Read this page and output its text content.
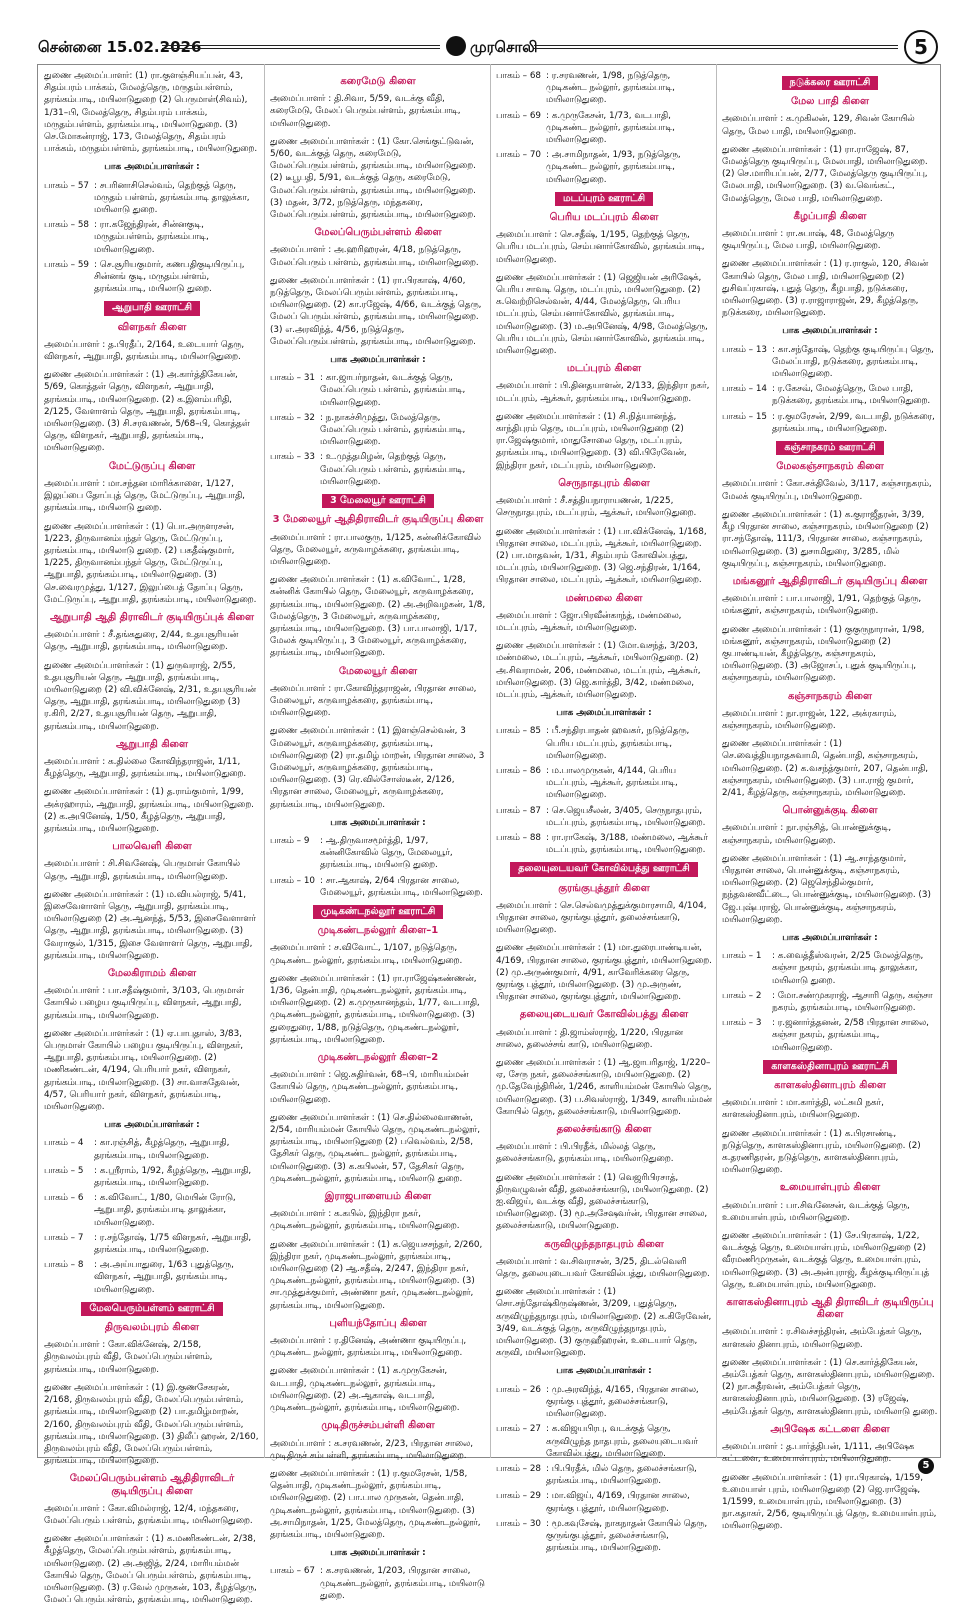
சென்னை 15.02.2026	முரசொலி	5
துணை அமைப்பாளர்: (1) ரா.குளஞ்சியப்பன், 43, சிதம்பரம் பாக்கம், மேலத்தெரு, மருதம்பள்ளம், தரங்கம்பாடி, மயிலாடுதுறை (2) பெருமாள்(சிவம்), 1/31–பி, மேலத்தெரு, சிதம்பரம் பாக்கம், மருதம்பள்ளம், தரங்கம்பாடி, மயிலாடுதுறை. (3) செ.மோகன்ராஜ், 173, மேலத்தெரு, சிதம்பரம் பாக்கம், மருதம்பள்ளம், தரங்கம்பாடி, மயிலாடுதுறை.
பாக அமைப்பாளர்கள் :
பாகம் – 57 : சபரினாசிசெல்வம், தெற்குத் தெரு, மருதம் பள்ளம், தரங்கம்பாடி தாலுக்கா, மயிலாடு துறை.
பாகம் – 58 : ரா.கஜேந்திரன், சின்னகுடி, மருதம்பள்ளம், தரங்கம்பாடி, மயிலாடுதுறை.
பாகம் – 59 : செ.சூரியகுமார், கணபதிகுடியிருப்பு, சின்னங் குடி, மருதம்பள்ளம், தரங்கம்பாடி, மயிலாடு துறை.
ஆறுபாதி ஊராட்சி
விளநகர் கிளை
அமைப்பாளர் : த.பிரதீப், 2/164, உடையார் தெரு, விளநகர், ஆறுபாதி, தரங்கம்பாடி, மயிலாடுதுறை.
துணை அமைப்பாளர்கள் : (1) அ.கார்த்திகேயன், 5/69, கொத்தள் தெரு, விளநகர், ஆறுபாதி, தரங்கம்பாடி, மயிலாடுதுறை. (2) க.இளம்பரிதி, 2/125, வேளாளம் தெரு, ஆறுபாதி, தரங்கம்பாடி, மயிலாடுதுறை. (3) சி.சரவணன், 5/68–பி, கொத்தள் தெரு, விளநகர், ஆறுபாதி, தரங்கம்பாடி, மயிலாடுதுறை.
மேட்டுருப்பு கிளை
அமைப்பாளர் : மா.சந்தன மாரிக்காளை, 1/127, இலுப்பை தோப்புத் தெரு, மேட்டுருப்பு, ஆறுபாதி, தரங்கம்பாடி, மயிலாடு துறை.
துணை அமைப்பாளர்கள் : (1) பொ.அருளரசன், 1/223, திருவானம்பந்தர் தெரு, மேட்டுருப்பு, தரங்கம்பாடி, மயிலாடு துறை. (2) பகதீஷ்குமார், 1/225, திருவானம்பந்தர் தெரு, மேட்டுருப்பு, ஆறுபாதி, தரங்கம்பாடி, மயிலாடுதுறை. (3) செ.வைரமுத்து, 1/127, இலுப்பைத் தோப்பு தெரு, மேட்டுருப்பு, ஆறுபாதி, தரங்கம்பாடி, மயிலாடுதுறை.
ஆறுபாதி ஆதி திராவிடர் குடியிருப்புக் கிளை
அமைப்பாளர் : சீ.தங்கதுரை, 2/44, உதயசூரியன் தெரு, ஆறுபாதி, தரங்கம்பாடி, மயிலாடுதுறை.
துணை அமைப்பாளர்கள் : (1) துருவராஜ், 2/55, உதயசூரியன் தெரு, ஆறுபாதி, தரங்கம்பாடி, மயிலாடுதுறை (2) வி.விக்னேஷ், 2/31, உதயசூரியன் தெரு, ஆறுபாதி, தரங்கம்பாடி, மயிலாடுதுறை (3) ர.கிரி, 2/27, உதயசூரியன் தெரு, ஆறுபாதி, தரங்கம்பாடி, மயிலாடுதுறை.
ஆறுபாதி கிளை
அமைப்பாளர் : க.தில்லை கோவிந்தராஜன், 1/11, கீழத்தெரு, ஆறுபாதி, தரங்கம்பாடி, மயிலாடுதுறை.
துணை அமைப்பாளர்கள் : (1) த.ராம்குமார், 1/99, அக்ரஹாரம், ஆறுபாதி, தரங்கம்பாடி, மயிலாடுதுறை. (2) க.அபினேஷ், 1/50, கீழத்தெரு, ஆறுபாதி, தரங்கம்பாடி, மயிலாடுதுறை.
பாலவெளி கிளை
அமைப்பாளர் : சி.சிவனேஷ், பெருமாள் கோயில் தெரு, ஆறுபாதி, தரங்கம்பாடி, மயிலாடுதுறை.
துணை அமைப்பாளர்கள் : (1) ம.வியல்ராஜ், 5/41, இசைவேளாளர் தெரு, ஆறுபாதி, தரங்கம்பாடி, மயிலாடுதுறை (2) அ.ஆனந்த், 5/53, இசைவேளாளர் தெரு, ஆறுபாதி, தரங்கம்பாடி, மயிலாடுதுறை. (3) வேராகுல், 1/315, இசை வேளாளர் தெரு, ஆறுபாதி, தரங்கம்பாடி, மயிலாடுதுறை.
மேலகிராமம் கிளை
அமைப்பாளர் : பா.சதீஷ்குமார், 3/103, பெருமாள் கோயில் பழைய குடியிருப்பு, விளநகர், ஆறுபாதி, தரங்கம்பாடி, மயிலாடுதுறை.
துணை அமைப்பாளர்கள் : (1) ஏ.பாபுதாஸ், 3/83, பெருமாள் கோயில் பழைய குடியிருப்பு, விளநகர், ஆறுபாதி, தரங்கம்பாடி, மயிலாடுதுறை. (2) மணிகண்டன், 4/194, பெரியார் நகர், விளநகர், தரங்கம்பாடி, மயிலாடுதுறை. (3) சா.வாசுதேவன், 4/57, பெரியார் நகர், விளநகர், தரங்கம்பாடி, மயிலாடுதுறை.
பாக அமைப்பாளர்கள் :
பாகம் – 4	: கா.ரஞ்சித், கீழத்தெரு, ஆறுபாதி, தரங்கம்பாடி, மயிலாடுதுறை.
பாகம் – 5	: க.ஸ்ரீராம், 1/92, கீழத்தெரு, ஆறுபாதி, தரங்கம்பாடி, மயிலாடுதுறை.
பாகம் – 6	: க.விவோட், 1/80, மெயின் ரோடு, ஆறுபாதி, தரங்கம்பாடி தாலுக்கா, மயிலாடுதுறை.
பாகம் – 7	: ர.சந்தோஷ், 1/75 விளநகர், ஆறுபாதி, தரங்கம்பாடி, மயிலாடுதுறை.
பாகம் – 8	: அ.அய்யாதுரை, 1/63 புதுத்தெரு, விளநகர், ஆறுபாதி, தரங்கம்பாடி, மயிலாடுதுறை.
மேலபெரும்பள்ளம் ஊராட்சி
திருவலம்புரம் கிளை
அமைப்பாளர் : கோ.விக்னேஷ், 2/158, திருவலம்புரம் வீதி, மேலப்பெரும்பள்ளம், தரங்கம்பாடி, மயிலாடுதுறை.
துணை அமைப்பாளர்கள் : (1) இ.குணசேகரன், 2/168, திருவலம்புரம் வீதி, மேலப்பெரும்பள்ளம், தரங்கம்பாடி, மயிலாடுதுறை (2) பா.தமிழ்மாறன், 2/160, திருவலம்புரம் வீதி, மேலப்பெரும்பள்ளம், தரங்கம்பாடி, மயிலாடுதுறை. (3) திலீப் ஹரன், 2/160, திருவலம்புரம் வீதி, மேலப்பெரும்பள்ளம், தரங்கம்பாடி, மயிலாடுதுறை.
மேலப்பெரும்பள்ளம் ஆதிதிராவிடர் குடியிருப்பு கிளை
அமைப்பாளர் : கோ.விமல்ராஜ், 12/4, மந்தகரை, மேலப்பெரும் பள்ளம், தரங்கம்பாடி, மயிலாடுதுறை.
துணை அமைப்பாளர்கள் : (1) க.மணிகண்டன், 2/38, கீழத்தெரு, மேலப்பெரும்பள்ளம், தரங்கம்பாடி, மயிலாடுதுறை. (2) அ.அஜித், 2/24, மாரியம்மன் கோயில் தெரு, மேலப் பெரும்பள்ளம், தரங்கம்பாடி, மயிலாடுதுறை. (3) ர.வேல் முருகன், 103, கீழத்தெரு, மேலப் பெரும்பள்ளம், தரங்கம்பாடி, மயிலாடுதுறை.
கரைமேடு கிளை
அமைப்பாளர் : தி.சிவா, 5/59, வடக்கு வீதி, கரைமேடு, மேலப் பெரும்பள்ளம், தரங்கம்பாடி, மயிலாடுதுறை.
துணை அமைப்பாளர்கள் : (1) கோ.செங்குட்டுவன், 5/60, வடக்குத் தெரு, கரைமேடு, மேலப்பெரும்பள்ளம், தரங்கம்பாடி, மயிலாடுதுறை. (2) டீபூபதி, 5/91, வடக்குத் தெரு, கரைமேடு, மேலப்பெரும்பள்ளம், தரங்கம்பாடி, மயிலாடுதுறை. (3) மதன், 3/72, நடுத்தெரு, மந்தகரை, மேலப்பெரும்பள்ளம், தரங்கம்பாடி, மயிலாடுதுறை.
மேலப்பெரும்பள்ளம் கிளை
அமைப்பாளர் : அ.ஹரிஹரன், 4/18, நடுத்தெரு, மேலப்பெரும் பள்ளம், தரங்கம்பாடி, மயிலாடுதுறை.
துணை அமைப்பாளர்கள் : (1) ரா.பிரகாஷ், 4/60, நடுத்தெரு, மேலப்பெரும்பள்ளம், தரங்கம்பாடி, மயிலாடுதுறை. (2) கா.ரஜேஷ், 4/66, வடக்குத் தெரு, மேலப் பெரும்பள்ளம், தரங்கம்பாடி, மயிலாடுதுறை. (3) எ.அரவிந்த், 4/56, நடுத்தெரு, மேலப்பெரும்பள்ளம், தரங்கம்பாடி, மயிலாடுதுறை.
பாக அமைப்பாளர்கள் :
பாகம் – 31 : கா.ஜாபர்நாதன், வடக்குத் தெரு, மேலப்பெரும் பள்ளம், தரங்கம்பாடி, மயிலாடுதுறை.
பாகம் – 32 : ந.நாகச்சிமுத்து, மேலத்தெரு, மேலப்பெரும் பள்ளம், தரங்கம்பாடி, மயிலாடுதுறை.
பாகம் – 33 : உ.முத்தமிழன், தெற்குத் தெரு, மேலப்பெரும் பள்ளம், தரங்கம்பாடி, மயிலாடுதுறை.
3 மேலையூர் ஊராட்சி
3 மேலையூர் ஆதிதிராவிடர் குடியிருப்பு கிளை
அமைப்பாளர் : ரா.பாலகுரு, 1/125, கன்னிக்கோவில் தெரு, மேலையூர், கருவாழக்கரை, தரங்கம்பாடி, மயிலாடுதுறை.
துணை அமைப்பாளர்கள் : (1) க.விவோட், 1/28, கன்னிக் கோயில் தெரு, மேலையூர், கருவாழக்கரை, தரங்கம்பாடி, மயிலாடுதுறை. (2) அ.அறிவழகன், 1/8, மேலத்தெரு, 3 மேலையூர், கருவாழக்கரை, தரங்கம்பாடி, மயிலாடுதுறை. (3) பா.பாலாஜி, 1/17, மேலக் குடியிருப்பு, 3 மேலையூர், கருவாழக்கரை, தரங்கம்பாடி, மயிலாடுதுறை.
மேலையூர் கிளை
அமைப்பாளர் : ரா.கோவிந்தராஜன், பிரதான சாலை, மேலையூர், கருவாழக்கரை, தரங்கம்பாடி, மயிலாடுதுறை.
துணை அமைப்பாளர்கள் : (1) இளஞ்செல்வன், 3 மேலையூர், கருவாழக்கரை, தரங்கம்பாடி, மயிலாடுதுறை (2) ரா.தமிழ் மாறன், பிரதான சாலை, 3 மேலையூர், கருவாழக்கரை, தரங்கம்பாடி, மயிலாடுதுறை. (3) ரெ.வில்சோஸ்டீன், 2/126, பிரதான சாலை, மேலையூர், கருவாழக்கரை, தரங்கம்பாடி, மயிலாடுதுறை.
பாக அமைப்பாளர்கள் :
பாகம் – 9	: ஆ.திருவாசமூர்த்தி, 1/97, கன்னிகோவில் தெரு, மேலையூர், தரங்கம்பாடி, மயிலாடு துறை.
பாகம் – 10 : சா.ஆகாஷ், 2/64 பிரதான சாலை, மேலையூர், தரங்கம்பாடி, மயிலாடுதுறை.
முடிகண்டநல்லூர் ஊராட்சி
முடிகண்டநல்லூர் கிளை–1
அமைப்பாளர் : ச.விவோட், 1/107, நடுத்தெரு, முடிகண்ட நல்லூர், தரங்கம்பாடி, மயிலாடுதுறை.
துணை அமைப்பாளர்கள் : (1) ரா.ராஜேஷ்கண்ணன், 1/36, தென்பாதி, முடிகண்டநல்லூர், தரங்கம்பாடி, மயிலாடுதுறை. (2) க.முருகானந்தம், 1/77, வடபாதி, முடிகண்டநல்லூர், தரங்கம்பாடி, மயிலாடுதுறை. (3) துரைதுரை, 1/88, நடுத்தெரு, முடிகண்டநல்லூர், தரங்கம்பாடி, மயிலாடுதுறை.
முடிகண்டநல்லூர் கிளை–2
அமைப்பாளர் : ஜெ.சுதிர்வன், 68–பி, மாரியம்மன் கோயில் தெரு, முடிகண்டநல்லூர், தரங்கம்பாடி, மயிலாடுதுறை.
துணை அமைப்பாளர்கள் : (1) செ.தில்லைவாணன், 2/54, மாரியம்மன் கோயில் தெரு, முடிகண்டநல்லூர், தரங்கம்பாடி, மயிலாடுதுறை (2) பவெல்வம், 2/58, தேசிகர் தெரு, முடிகண்ட நல்லூர், தரங்கம்பாடி, மயிலாடுதுறை. (3) க.கபிலன், 57, தேசிகர் தெரு, முடிகண்டநல்லூர், தரங்கம்பாடி, மயிலாடு துறை.
இராஜபாளையம் கிளை
அமைப்பாளர் : க.கபில், இந்திரா நகர், முடிகண்டநல்லூர், தரங்கம்பாடி, மயிலாடுதுறை.
துணை அமைப்பாளர்கள் : (1) க.ஜெயசசந்தர், 2/260, இந்திரா நகர், முடிகண்டநல்லூர், தரங்கம்பாடி, மயிலாடுதுறை (2) ஆ.சதீஷ், 2/247, இந்திரா நகர், முடிகண்டநல்லூர், தரங்கம்பாடி, மயிலாடுதுறை. (3) சா.முத்துக்குமார், அண்ணா நகர், முடிகண்டநல்லூர், தரங்கம்பாடி, மயிலாடுதுறை.
புளியந்தோப்பு கிளை
அமைப்பாளர் : ர.தினேஷ், அண்ணா குடியிருப்பு, முடிகண்ட நல்லூர், தரங்கம்பாடி, மயிலாடுதுறை.
துணை அமைப்பாளர்கள் : (1) க.முருகேசன், வடபாதி, முடிகண்டநல்லூர், தரங்கம்பாடி, மயிலாடுதுறை. (2) அ.ஆகாஷ், வடபாதி, முடிகண்டநல்லூர், தரங்கம்பாடி, மயிலாடுதுறை.
முடிதிருச்சம்பள்ளி கிளை
அமைப்பாளர் : க.சரவணன், 2/23, பிரதான சாலை, முடிதிருச் சம்பள்ளி, தரங்கம்பாடி, மயிலாடுதுறை.
துணை அமைப்பாளர்கள் : (1) ர.குமரேசன், 1/58, தென்பாதி, முடிகண்டநல்லூர், தரங்கம்பாடி, மயிலாடுதுறை. (2) பா.பால முருகன், தென்பாதி, முடிகண்டநல்லூர், தரங்கம்பாடி, மயிலாடுதுறை. (3) அ.சாமிநாதன், 1/25, மேலத்தெரு, முடிகண்டநல்லூர், தரங்கம்பாடி, மயிலாடுதுறை.
பாக அமைப்பாளர்கள் :
பாகம் – 67 : க.சரவணன், 1/203, பிரதான சாலை, முடிகண்டநல்லூர், தரங்கம்பாடி, மயிலாடு துறை.
பாகம் – 68 : ர.சரவணன், 1/98, நடுத்தெரு, முடிகண்ட நல்லூர், தரங்கம்பாடி, மயிலாடுதுறை.
பாகம் – 69 : க.முருகேசன், 1/73, வடபாதி, முடிகண்ட நல்லூர், தரங்கம்பாடி, மயிலாடுதுறை.
பாகம் – 70 : அ.சாமிநாதன், 1/93, நடுத்தெரு, முடிகண்ட நல்லூர், தரங்கம்பாடி, மயிலாடுதுறை.
மடப்புரம் ஊராட்சி
பெரிய மடப்புரம் கிளை
அமைப்பாளர் : செ.சதீஷ், 1/195, தெற்குத் தெரு, பெரிய மடப்புரம், செம்பனார்கோவில், தரங்கம்பாடி, மயிலாடுதுறை.
துணை அமைப்பாளர்கள் : (1) ஜெஜியன் அரிஷேக், பெரிய சாவடி தெரு, மடப்புரம், மயிலாடுதுறை. (2) க.வெற்றிசெல்வன், 4/44, மேலத்தெரு, பெரிய மடப்புரம், செம்பனார்கோவில், தரங்கம்பாடி, மயிலாடுதுறை. (3) ம.அபினேஷ், 4/98, மேலத்தெரு, பெரிய மடப்புரம், செம்பனார்கோவில், தரங்கம்பாடி, மயிலாடுதுறை.
மடப்புரம் கிளை
அமைப்பாளர் : பி.தினதயாளன், 2/133, இந்திரா நகர், மடப்புரம், ஆக்கூர், தரங்கம்பாடி, மயிலாடுதுறை.
துணை அமைப்பாளர்கள் : (1) சி.நித்யானந்த், காந்திபுரம் தெரு, மடப்புரம், மயிலாடுதுறை (2) ரா.ஜேஷ்குமார், மாதுசோலை தெரு, மடப்புரம், தரங்கம்பாடி, மயிலாடுதுறை. (3) வி.பிரேவேன், இந்திரா நகர், மடப்புரம், மயிலாடுதுறை.
செருநாதபுரம் கிளை
அமைப்பாளர் : சீ.சத்தியநாராயணன், 1/225, செருநாதபுரம், மடப்புரம், ஆக்கூர், மயிலாடுதுறை.
துணை அமைப்பாளர்கள் : (1) பா.விக்னேஷ், 1/168, பிரதான சாலை, மடப்புரம், ஆக்கூர், மயிலாடுதுறை. (2) பா.மாதவன், 1/31, சிதம்பரம் கோவில்பத்து, மடப்புரம், மயிலாடுதுறை. (3) ஜெ.சந்திரன், 1/164, பிரதான சாலை, மடப்புரம், ஆக்கூர், மயிலாடுதுறை.
மண்மலை கிளை
அமைப்பாளர் : ஜோ.பிரவீன்காந்த், மண்மலை, மடப்புரம், ஆக்கூர், மயிலாடுதுறை.
துணை அமைப்பாளர்கள் : (1) மோ.வசந்த், 3/203, மண்மலை, மடப்புரம், ஆக்கூர், மயிலாடுதுறை. (2) அ.சிவராமன், 206, மண்மலை, மடப்புரம், ஆக்கூர், மயிலாடுதுறை. (3) ஜெ.கார்த்தி, 3/42, மண்மலை, மடப்புரம், ஆக்கூர், மயிலாடுதுறை.
பாக அமைப்பாளர்கள் :
பாகம் – 85 : பீ.சந்திரபாதன் ஹவகர், நடுத்தெரு, பெரிய மடப்புரம், தரங்கம்பாடி, மயிலாடுதுறை.
பாகம் – 86 : ம.பாலமுருகன், 4/144, பெரிய மடப்புரம், ஆக்கூர், தரங்கம்பாடி, மயிலாடுதுறை.
பாகம் – 87 : செ.ஜெயசீலன், 3/405, செருநாதபுரம், மடப்புரம், தரங்கம்பாடி, மயிலாடுதுறை.
பாகம் – 88 : ரா.ராகேஷ், 3/188, மண்மலை, ஆக்கூர் மடப்புரம், தரங்கம்பாடி, மயிலாடுதுறை.
தலையுடையவர் கோவில்பத்து ஊராட்சி
குரங்குபுத்தூர் கிளை
அமைப்பாளர் : செ.செல்வமுத்துக்குமாரசாமி, 4/104, பிரதான சாலை, குரங்குபுத்தூர், தலைச்சங்காடு, மயிலாடுதுறை.
துணை அமைப்பாளர்கள் : (1) மா.துரைபாண்டியன், 4/169, பிரதான சாலை, குரங்குபுத்தூர், மயிலாடுதுறை. (2) மு.அருண்குமார், 4/91, காவேரிக்கரை தெரு, குரங்கு புத்தூர், மயிலாடுதுறை. (3) மு.அருண், பிரதான சாலை, குரங்குபுத்தூர், மயிலாடுதுறை.
தலையுடையவர் கோவில்பத்து கிளை
அமைப்பாளர் : தி.ஜாம்ஸ்ராஜ், 1/220, பிரதான சாலை, தலைச்சங் காடு, மயிலாடுதுறை.
துணை அமைப்பாளர்கள் : (1) ஆ.ஜாபரிதாஜ், 1/220–ஏ, சேரு நகர், தலைச்சங்காடு, மயிலாடுதுறை. (2) மு.தேவேந்திரின், 1/246, காளியம்மன் கோயில் தெரு, மயிலாடுதுறை. (3) ப.சிவஸ்ராஜ், 1/349, காளியம்மன் கோயில் தெரு, தலைச்சங்காடு, மயிலாடுதுறை.
தலைச்சங்காடு கிளை
அமைப்பாளர் : பி.பிரதீக், மில்லத் தெரு, தலைச்சங்காடு, தரங்கம்பாடி, மயிலாடுதுறை.
துணை அமைப்பாளர்கள் : (1) வெஜரிபிரசாத், திருவழுவன் வீதி, தலைச்சங்காடு, மயிலாடுதுறை. (2) ஐ.விஜய், வடக்கு வீதி, தலைச்சங்காடு, மயிலாடுதுறை. (3) மூ.அசேஷவர்ன், பிரதான சாலை, தலைச்சங்காடு, மயிலாடுதுறை.
கருவிழுந்தநாதபுரம் கிளை
அமைப்பாளர் : வ.சிவராசன், 3/25, திடல்வெளி தெரு, தலையுடையவர் கோவில்பத்து, மயிலாடுதுறை.
துணை அமைப்பாளர்கள் : (1) சொ.சந்தோஷ்கிருஷ்ணன், 3/209, புதுத்தெரு, கருவிழுந்தநாதபுரம், மயிலாடுதுறை. (2) க.கிரேவேன், 3/49, வடக்குத் தெரு, கருவிழுந்தநாதபுரம், மயிலாடுதுறை. (3) குருஹீஹரன், உடையார் தெரு, கருவி, மயிலாடுதுறை.
பாக அமைப்பாளர்கள் :
பாகம் – 26 : மு.அரவிந்த், 4/165, பிரதான சாலை, குரங்கு புத்தூர், தலைச்சங்காடு, மயிலாடுதுறை.
பாகம் – 27 : க.விஜயபிரபு, வடக்குத் தெரு, கருவிழுந்த நாதபுரம், தலையுடையவர் கோவில்பத்து, மயிலாடுதுறை.
பாகம் – 28 : பி.பிரதீக், மில் தெரு, தலைச்சங்காடு, தரங்கம்பாடி, மயிலாடுதுறை.
பாகம் – 29 : மா.விஜய், 4/169, பிரதான சாலை, குரங்கு புத்தூர், மயிலாடுதுறை.
பாகம் – 30 : மூ.கவுசேஷ், நாகநாதன் கோயில் தெரு, குருங்குபுத்தூர், தலைச்சங்காடு, தரங்கம்பாடி, மயிலாடுதுறை.
நடுக்கரை ஊராட்சி
மேல பாதி கிளை
அமைப்பாளர் : க.முகிலன், 129, சிவன் கோயில் தெரு, மேல பாதி, மயிலாடுதுறை.
துணை அமைப்பாளர்கள் : (1) ரா.ராஜேஷ், 87, மேலத்தெரு குடியிருப்பு, மேலபாதி, மயிலாடுதுறை. (2) செ.மாரியப்பன், 2/77, மேலத்தெரு குடியிருப்பு, மேலபாதி, மயிலாடுதுறை. (3) வ.வெங்கட், மேலத்தெரு, மேல பாதி, மயிலாடுதுறை.
கீழப்பாதி கிளை
அமைப்பாளர் : ரா.சுபாஷ், 48, மேலத்தெரு குடியிருப்பு, மேல பாதி, மயிலாடுதுறை.
துணை அமைப்பாளர்கள் : (1) ர.ராகுல், 120, சிவன் கோயில் தெரு, மேல பாதி, மயிலாடுதுறை (2) துசிவப்ரகாஷ், புதுத் தெரு, கீழபாதி, நடுக்கரை, மயிலாடுதுறை. (3) ர.ராஜாராஜன், 29, கீழத்தெரு, நடுக்கரை, மயிலாடுதுறை.
பாக அமைப்பாளர்கள் :
பாகம் – 13 : கா.சந்தோஷ், தெற்கு குடியிருப்பு தெரு, மேலப்பாதி, நடுக்கரை, தரங்கம்பாடி, மயிலாடுதுறை.
பாகம் – 14 : ர.கேசவ், மேலத்தெரு, மேல பாதி, நடுக்கரை, தரங்கம்பாடி, மயிலாடுதுறை.
பாகம் – 15 : ர.குமரேசன், 2/99, வடபாதி, நடுக்கரை, தரங்கம்பாடி, மயிலாடுதுறை.
கஞ்சாநகரம் ஊராட்சி
மேலகஞ்சாநகரம் கிளை
அமைப்பாளர் : கோ.சக்திவேல், 3/117, கஞ்சாநகரம், மேலக் குடியிருப்பு, மயிலாடுதுறை.
துணை அமைப்பாளர்கள் : (1) க.குராஜீதரன், 3/39, கீழ பிரதான சாலை, கஞ்சாநகரம், மயிலாடுதுறை (2) ரா.சந்தோஷ், 111/3, பிரதான சாலை, கஞ்சாநகரம், மயிலாடுதுறை. (3) துசாமிதுரை, 3/285, மில் குடியிருப்பு, கஞ்சாநகரம், மயிலாடுதுறை.
மங்கனூர் ஆதிதிராவிடர் குடியிருப்பு கிளை
அமைப்பாளர் : பா.பாலாஜி, 1/91, தெற்குத் தெரு, மங்கனூர், கஞ்சாநகரம், மயிலாடுதுறை.
துணை அமைப்பாளர்கள் : (1) குகுருநாரான், 1/98, மங்கனூர், கஞ்சாநகரம், மயிலாடுதுறை (2) குபாண்டியன், கீழத்தெரு, கஞ்சாநகரம், மயிலாடுதுறை. (3) அஜோசப், புதுக் குடியிருப்பு, கஞ்சாநகரம், மயிலாடுதுறை.
கஞ்சாநகரம் கிளை
அமைப்பாளர் : நா.ராஜன், 122, அக்ரகாரம், கஞ்சாநகரம், மயிலாடுதுறை.
துணை அமைப்பாளர்கள் : (1) செ.வைத்தியநாதசுவாமி, தென்பாதி, கஞ்சாநகரம், மயிலாடுதுறை. (2) க.வசந்த்குமார், 207, தென்பாதி, கஞ்சாநகரம், மயிலாடுதுறை. (3) பா.ராஜ் குமார், 2/41, கீழத்தெரு, கஞ்சாநகரம், மயிலாடுதுறை.
பொன்னுக்குடி கிளை
அமைப்பாளர் : நா.ரஞ்சித், பொன்னுக்குடி, கஞ்சாநகரம், மயிலாடுதுறை.
துணை அமைப்பாளர்கள் : (1) ஆ.சாந்தகுமார், பிரதான சாலை, பொன்னுக்குடி, கஞ்சாநகரம், மயிலாடுதுறை. (2) ஜெசெந்தில்குமார், நந்தவனவீட்டை, பொன்னுக்குடி, மயிலாடுதுறை. (3) ஜே.புஷ்பராஜ், பொன்னுக்குடி, கஞ்சாநகரம், மயிலாடுதுறை.
பாக அமைப்பாளர்கள் :
பாகம் – 1	: க.வைத்தீஸ்வரன், 2/25 மேலத்தெரு, கஞ்சா நகரம், தரங்கம்பாடி தாலுக்கா, மயிலாடு துறை.
பாகம் – 2	: மோ.சண்முகராஜ், ஆசாரி தெரு, கஞ்சா நகரம், தரங்கம்பாடி, மயிலாடுதுறை.
பாகம் – 3	: ர.ஜனார்த்தனன், 2/58 பிரதான சாலை, கஞ்சா நகரம், தரங்கம்பாடி, மயிலாடுதுறை.
காளகஸ்தினாபுரம் ஊராட்சி
காளகஸ்தினாபுரம் கிளை
அமைப்பாளர் : மா.கார்த்தி, லட்சுமி நகர், காளகஸ்தினாபுரம், மயிலாடுதுறை.
துணை அமைப்பாளர்கள் : (1) க.பிரசாண்டி, நடுத்தெரு, காளகஸ்தினாபுரம், மயிலாடுதுறை. (2) க.தரணிதரன், நடுத்தெரு, காளகஸ்தினாபுரம், மயிலாடுதுறை.
உமையாள்புரம் கிளை
அமைப்பாளர் : பா.சிவனேசன், வடக்குத் தெரு, உமையாள்புரம், மயிலாடுதுறை.
துணை அமைப்பாளர்கள் : (1) சே.பிரகாஷ், 1/22, வடக்குத் தெரு, உமையாள்புரம், மயிலாடுதுறை (2) வீரமணிமுருகன், வடக்குத் தெரு, உமையாள்புரம், மயிலாடுதுறை. (3) அ.அன்புராஜ், கீழக்குடியிருப்புத் தெரு, உமையாள்புரம், மயிலாடுதுறை.
காளகஸ்தினாபுரம் ஆதி திராவிடர் குடியிருப்பு கிளை
அமைப்பாளர் : ர.சிவச்சந்திரன், அம்பேத்கர் தெரு, காளகஸ் தினாபுரம், மயிலாடுதுறை.
துணை அமைப்பாளர்கள் : (1) செ.கார்த்திகேயன், அம்பேத்கர் தெரு, காளகஸ்தினாபுரம், மயிலாடுதுறை. (2) நா.சுதீரவன், அம்பேத்கர் தெரு, காளகஸ்தினாபுரம், மயிலாடுதுறை. (3) ரஜேஷ், அம்பேத்கர் தெரு, காளகஸ்தினாபுரம், மயிலாடு துறை.
அபிஷேக கட்டளை கிளை
அமைப்பாளர் : த.பார்த்திபன், 1/111, அபிஷேக கட்டளை, உமையாள்புரம், மயிலாடுதுறை.
துணை அமைப்பாளர்கள் : (1) ரா.பிரகாஷ், 1/159, உமையாள் புரம், மயிலாடுதுறை (2) ஜெ.ராஜேஷ், 1/1599, உமையாள்புரம், மயிலாடுதுறை. (3) நா.கதாகர், 2/56, குடியிருப்புத் தெரு, உமையாள்புரம், மயிலாடுதுறை.
5
